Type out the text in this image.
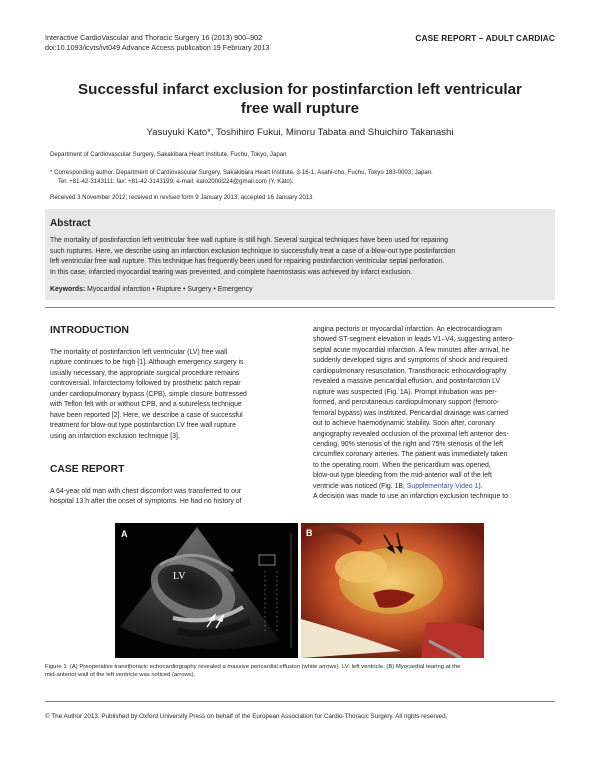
Interactive CardioVascular and Thoracic Surgery 16 (2013) 900–902
doi:10.1093/icvts/ivt049 Advance Access publication 19 February 2013
CASE REPORT – ADULT CARDIAC
Successful infarct exclusion for postinfarction left ventricular
free wall rupture
Yasuyuki Kato*, Toshihiro Fukui, Minoru Tabata and Shuichiro Takanashi
Department of Cardiovascular Surgery, Sakakibara Heart Institute, Fuchu, Tokyo, Japan
* Corresponding author. Department of Cardiovascular Surgery, Sakakibara Heart Institute, 3-16-1, Asahi-cho, Fuchu, Tokyo 183-0003, Japan.
Tel: +81-42-3143111; fax: +81-42-3143199; e-mail: kato2000l224@gmail.com (Y. Kato).
Received 3 November 2012; received in revised form 9 January 2013; accepted 16 January 2013
Abstract
The mortality of postinfarction left ventricular free wall rupture is still high. Several surgical techniques have been used for repairing
such ruptures. Here, we describe using an infarction exclusion technique to successfully treat a case of a blow-out type postinfarction
left ventricular free wall rupture. This technique has frequently been used for repairing postinfarction ventricular septal perforation.
In this case, infarcted myocardial tearing was prevented, and complete haemostasis was achieved by infarct exclusion.
Keywords: Myocardial infarction • Rupture • Surgery • Emergency
INTRODUCTION
The mortality of postinfarction left ventricular (LV) free wall
rupture continues to be high [1]. Although emergency surgery is
usually necessary, the appropriate surgical procedure remains
controversial. Infarctectomy followed by prosthetic patch repair
under cardiopulmonary bypass (CPB), simple closure buttressed
with Teflon felt with or without CPB, and a sutureless technique
have been reported [2]. Here, we describe a case of successful
treatment for blow-out type postinfarction LV free wall rupture
using an infarction exclusion technique [3].
CASE REPORT
A 64-year old man with chest discomfort was transferred to our
hospital 13 h after the onset of symptoms. He had no history of
angina pectoris or myocardial infarction. An electrocardiogram
showed ST-segment elevation in leads V1–V4, suggesting antero-
septal acute myocardial infarction. A few minutes after arrival, he
suddenly developed signs and symptoms of shock and required
cardiopulmonary resuscitation. Transthoracic echocardiography
revealed a massive pericardial effusion, and postinfarction LV
rupture was suspected (Fig. 1A). Prompt intubation was per-
formed, and percutaneous cardiopulmonary support (femoro-
femoral bypass) was instituted. Pericardial drainage was carried
out to achieve haemodynamic stability. Soon after, coronary
angiography revealed occlusion of the proximal left anterior des-
cending, 90% stenosis of the right and 75% stenosis of the left
circumflex coronary arteries. The patient was immediately taken
to the operating room. When the pericardium was opened,
blow-out type bleeding from the mid-anterior wall of the left
ventricle was noticed (Fig. 1B; Supplementary Video 1).
A decision was made to use an infarction exclusion technique to
LV
A	B
Figure 1: (A) Preoperative transthoracic echocardiography revealed a massive pericardial effusion (white arrows). LV: left ventricle. (B) Myocardial tearing at the
mid-anterior wall of the left ventricle was noticed (arrows).
© The Author 2013. Published by Oxford University Press on behalf of the European Association for Cardio-Thoracic Surgery. All rights reserved.
